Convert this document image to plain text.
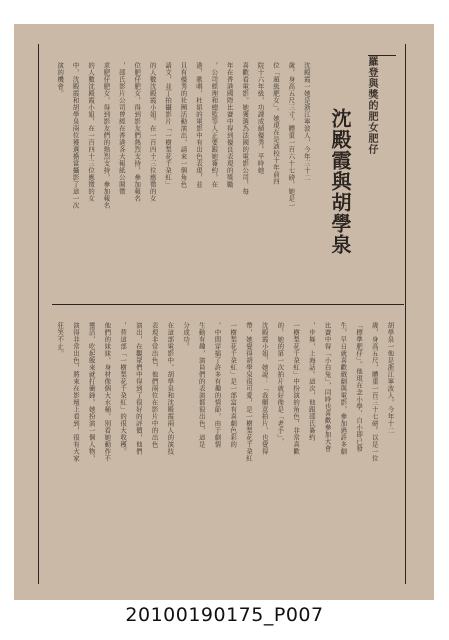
羅登與獎的肥女肥仔
沈殿霞與胡學泉
沈殿霞一她是浙江寧波人，今年三十二
歲，身高五尺三寸，體重一百六十七磅，她是一
位「超級肥女」。她現在是該校十年前四
院十六年級，功課成績優秀。平時她
喜歡看電影。她獲選為法國的電影公司，每
年在香港國際比賽中得到優良表現的獎勵
，公司經理和總監等人正要跟她簽約，在
港，歌唱，杜娟的電影中有出色表現，並
且有優秀的社團活動演出，請來一個角色
請文，並丁拍攝影片「一樹梨花千朶紅」
的人數沈殿霞小姐。在一百四十三位應徵的女
位肥仔肥女，得到影友們熱烈支持，參加報名
，邵氏影片公司曾經在香港各大報紙公開徵
求肥仔肥女，得到影友們的熱烈支持，參加報名
的人數沈殿霞小姐，在一百四十三位應徵的女
中，沈殿霞和胡學泉兩位獲選擔當攝影了這一次
演的機會。
胡學泉一他是浙江寧波人，今年十二
歲，身高五尺，體重一百三十七磅。以是一位
「標準肥仔」。他現在念小學，自小即已發
生，早日就喜歡戲劇與電影，參加過許多劇
比賽中得「小白兔」，同時也喜歡參加大會
，步舞，上海話。這次，他跟邵氏簽約
一樹梨花千朶紅」中扮演的角色，非常喜歡
的，她的第一次拍片就好像是「老手」，
沈殿霞小姐，她說：「我願意拍片，也覺得
帶，她覺得胡學泉很可愛，是一樹梨花千朶紅
一樹梨花千朶紅」是一部富有喜劇色彩的
，中間穿插了許多有趣的情節，由于劇情
生動有趣，演員們的表演都很出色，這是
分成功。
在這部電影中，胡學泉和沈殿霞兩人的演技
表現非常出色，他們兩位在影片中的出色
演出，在觀眾們中得到了很好的評價，他們
，替這部「一樹梨花千朶紅」的很大收穫。
他們的妹妹，身材像個大水桶，別看她動作不
靈活，吃起飯來就打衝鋒。她扮演一個人物，
演得非常出色，將來在影壇上看到，很有大家
狂笑不止。
20100190175_P007
